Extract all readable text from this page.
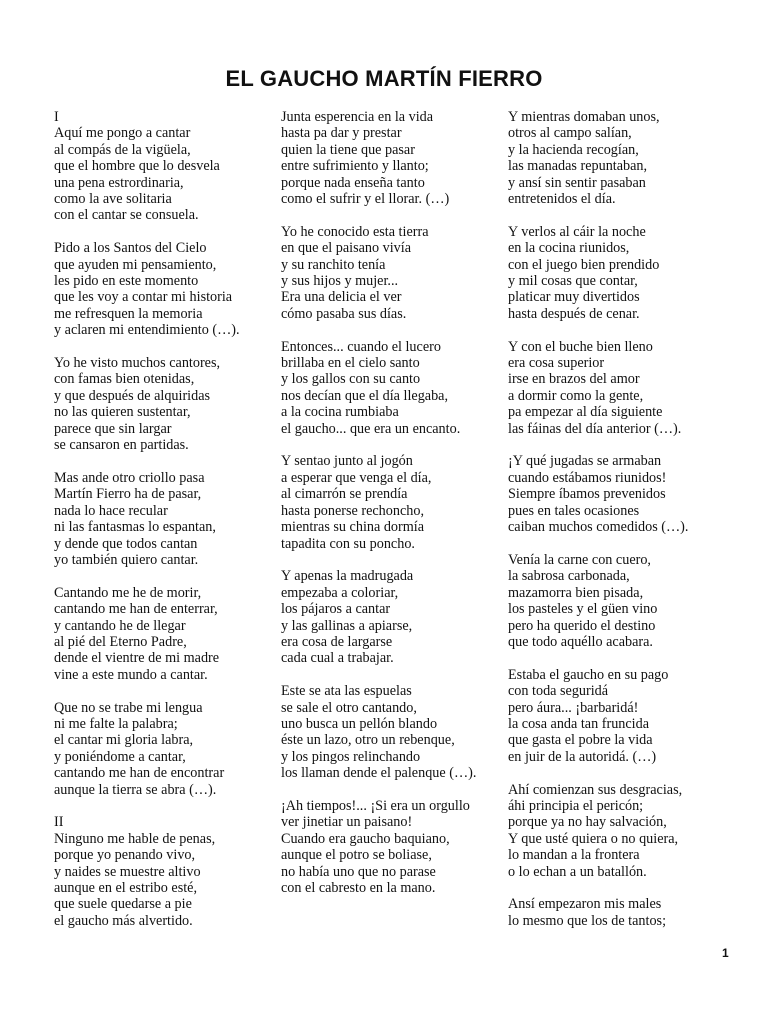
EL GAUCHO MARTÍN FIERRO
I
Aquí me pongo a cantar
al compás de la vigüela,
que el hombre que lo desvela
una pena estrordinaria,
como la ave solitaria
con el cantar se consuela.
Pido a los Santos del Cielo
que ayuden mi pensamiento,
les pido en este momento
que les voy a contar mi historia
me refresquen la memoria
y aclaren mi entendimiento (…).
Yo he visto muchos cantores,
con famas bien otenidas,
y que después de alquiridas
no las quieren sustentar,
parece que sin largar
se cansaron en partidas.
Mas ande otro criollo pasa
Martín Fierro ha de pasar,
nada lo hace recular
ni las fantasmas lo espantan,
y dende que todos cantan
yo también quiero cantar.
Cantando me he de morir,
cantando me han de enterrar,
y cantando he de llegar
al pié del Eterno Padre,
dende el vientre de mi madre
vine a este mundo a cantar.
Que no se trabe mi lengua
ni me falte la palabra;
el cantar mi gloria labra,
y poniéndome a cantar,
cantando me han de encontrar
aunque la tierra se abra (…).
II
Ninguno me hable de penas,
porque yo penando vivo,
y naides se muestre altivo
aunque en el estribo esté,
que suele quedarse a pie
el gaucho más alvertido.
Junta esperencia en la vida
hasta pa dar y prestar
quien la tiene que pasar
entre sufrimiento y llanto;
porque nada enseña tanto
como el sufrir y el llorar. (…)
Yo he conocido esta tierra
en que el paisano vivía
y su ranchito tenía
y sus hijos y mujer...
Era una delicia el ver
cómo pasaba sus días.
Entonces... cuando el lucero
brillaba en el cielo santo
y los gallos con su canto
nos decían que el día llegaba,
a la cocina rumbiaba
el gaucho... que era un encanto.
Y sentao junto al jogón
a esperar que venga el día,
al cimarrón se prendía
hasta ponerse rechoncho,
mientras su china dormía
tapadita con su poncho.
Y apenas la madrugada
empezaba a coloriar,
los pájaros a cantar
y las gallinas a apiarse,
era cosa de largarse
cada cual a trabajar.
Este se ata las espuelas
se sale el otro cantando,
uno busca un pellón blando
éste un lazo, otro un rebenque,
y los pingos relinchando
los llaman dende el palenque (…).
¡Ah tiempos!... ¡Si era un orgullo
ver jinetiar un paisano!
Cuando era gaucho baquiano,
aunque el potro se boliase,
no había uno que no parase
con el cabresto en la mano.
Y mientras domaban unos,
otros al campo salían,
y la hacienda recogían,
las manadas repuntaban,
y ansí sin sentir pasaban
entretenidos el día.
Y verlos al cáir la noche
en la cocina riunidos,
con el juego bien prendido
y mil cosas que contar,
platicar muy divertidos
hasta después de cenar.
Y con el buche bien lleno
era cosa superior
irse en brazos del amor
a dormir como la gente,
pa empezar al día siguiente
las fáinas del día anterior (…).
¡Y qué jugadas se armaban
cuando estábamos riunidos!
Siempre íbamos prevenidos
pues en tales ocasiones
caiban muchos comedidos (…).
Venía la carne con cuero,
la sabrosa carbonada,
mazamorra bien pisada,
los pasteles y el güen vino
pero ha querido el destino
que todo aquéllo acabara.
Estaba el gaucho en su pago
con toda seguridá
pero áura... ¡barbaridá!
la cosa anda tan fruncida
que gasta el pobre la vida
en juir de la autoridá. (…)
Ahí comienzan sus desgracias,
áhi principia el pericón;
porque ya no hay salvación,
Y que usté quiera o no quiera,
lo mandan a la frontera
o lo echan a un batallón.
Ansí empezaron mis males
lo mesmo que los de tantos;
1
